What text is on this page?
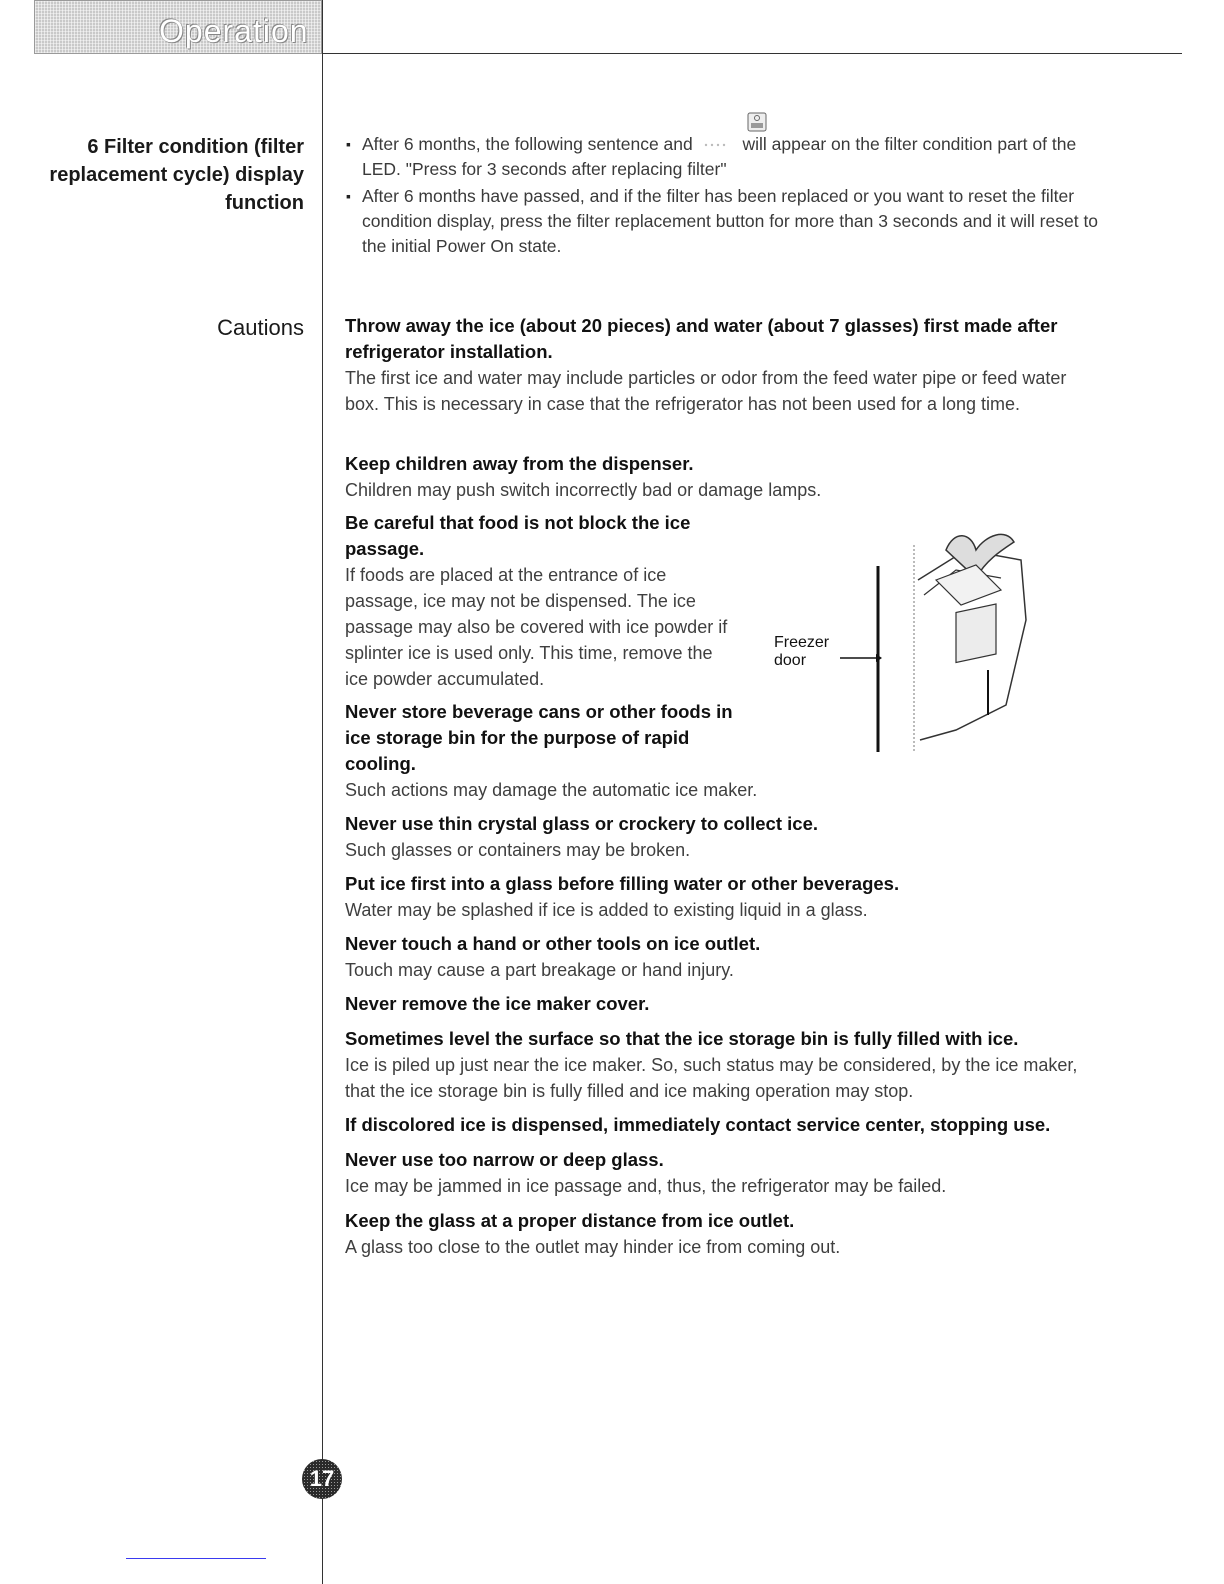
Operation
6 Filter condition (filter replacement cycle) display function
▪ After 6 months, the following sentence and	will appear on the filter condition part of the LED. "Press for 3 seconds after replacing filter"
▪ After 6 months have passed, and if the filter has been replaced or you want to reset the filter condition display, press the filter replacement button for more than 3 seconds and it will reset to the initial Power On state.
Cautions Throw away the ice (about 20 pieces) and water (about 7 glasses) first made after refrigerator installation.

The first ice and water may include particles or odor from the feed water pipe or feed water box. This is necessary in case that the refrigerator has not been used for a long time.

Keep children away from the dispenser.

Children may push switch incorrectly bad or damage lamps.

Be careful that food is not block the ice passage.

If foods are placed at the entrance of ice passage, ice may not be dispensed. The ice passage may also be covered with ice powder if splinter ice is used only. This time, remove the ice powder accumulated.

Never store beverage cans or other foods in ice storage bin for the purpose of rapid cooling.

Such actions may damage the automatic ice maker.

Never use thin crystal glass or crockery to collect ice.

Such glasses or containers may be broken.

Put ice first into a glass before filling water or other beverages.

Water may be splashed if ice is added to existing liquid in a glass.

Never touch a hand or other tools on ice outlet.

Touch may cause a part breakage or hand injury.

Never remove the ice maker cover.

Sometimes level the surface so that the ice storage bin is fully filled with ice.

Ice is piled up just near the ice maker. So, such status may be considered, by the ice maker, that the ice storage bin is fully filled and ice making operation may stop.

If discolored ice is dispensed, immediately contact service center, stopping use.

Never use too narrow or deep glass.

Ice may be jammed in ice passage and, thus, the refrigerator may be failed.

Keep the glass at a proper distance from ice outlet.

A glass too close to the outlet may hinder ice from coming out.

Freezer door
17
